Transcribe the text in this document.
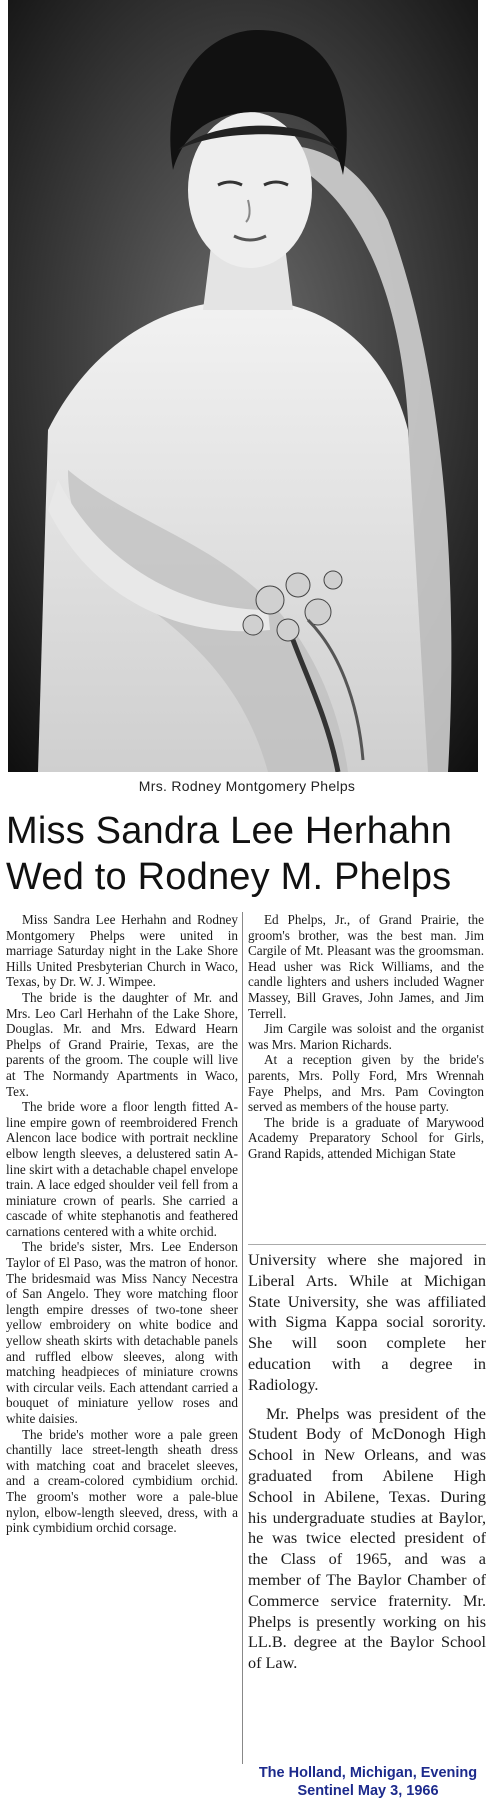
Mrs. Rodney Montgomery Phelps
Miss Sandra Lee Herhahn
Wed to Rodney M. Phelps

Miss Sandra Lee Herhahn and Rodney Montgomery Phelps were united in marriage Saturday night in the Lake Shore Hills United Presbyterian Church in Waco, Texas, by Dr. W. J. Wimpee.

The bride is the daughter of Mr. and Mrs. Leo Carl Herhahn of the Lake Shore, Douglas. Mr. and Mrs. Edward Hearn Phelps of Grand Prairie, Texas, are the parents of the groom. The couple will live at The Normandy Apartments in Waco, Tex.

The bride wore a floor length fitted A-line empire gown of reembroidered French Alencon lace bodice with portrait neckline elbow length sleeves, a delustered satin A-line skirt with a detachable chapel envelope train. A lace edged shoulder veil fell from a miniature crown of pearls. She carried a cascade of white stephanotis and feathered carnations centered with a white orchid.

The bride's sister, Mrs. Lee Enderson Taylor of El Paso, was the matron of honor. The bridesmaid was Miss Nancy Necestra of San Angelo. They wore matching floor length empire dresses of two-tone sheer yellow embroidery on white bodice and yellow sheath skirts with detachable panels and ruffled elbow sleeves, along with matching headpieces of miniature crowns with circular veils. Each attendant carried a bouquet of miniature yellow roses and white daisies.

The bride's mother wore a pale green chantilly lace street-length sheath dress with matching coat and bracelet sleeves, and a cream-colored cymbidium orchid. The groom's mother wore a pale-blue nylon, elbow-length sleeved, dress, with a pink cymbidium orchid corsage.

Ed Phelps, Jr., of Grand Prairie, the groom's brother, was the best man. Jim Cargile of Mt. Pleasant was the groomsman. Head usher was Rick Williams, and the candle lighters and ushers included Wagner Massey, Bill Graves, John James, and Jim Terrell.

Jim Cargile was soloist and the organist was Mrs. Marion Richards.

At a reception given by the bride's parents, Mrs. Polly Ford, Mrs Wrennah Faye Phelps, and Mrs. Pam Covington served as members of the house party.

The bride is a graduate of Marywood Academy Preparatory School for Girls, Grand Rapids, attended Michigan State

University where she majored in Liberal Arts. While at Michigan State University, she was affiliated with Sigma Kappa social sorority. She will soon complete her education with a degree in Radiology.

Mr. Phelps was president of the Student Body of McDonogh High School in New Orleans, and was graduated from Abilene High School in Abilene, Texas. During his undergraduate studies at Baylor, he was twice elected president of the Class of 1965, and was a member of The Baylor Chamber of Commerce service fraternity. Mr. Phelps is presently working on his LL.B. degree at the Baylor School of Law.

The Holland, Michigan, Evening
Sentinel May 3, 1966
